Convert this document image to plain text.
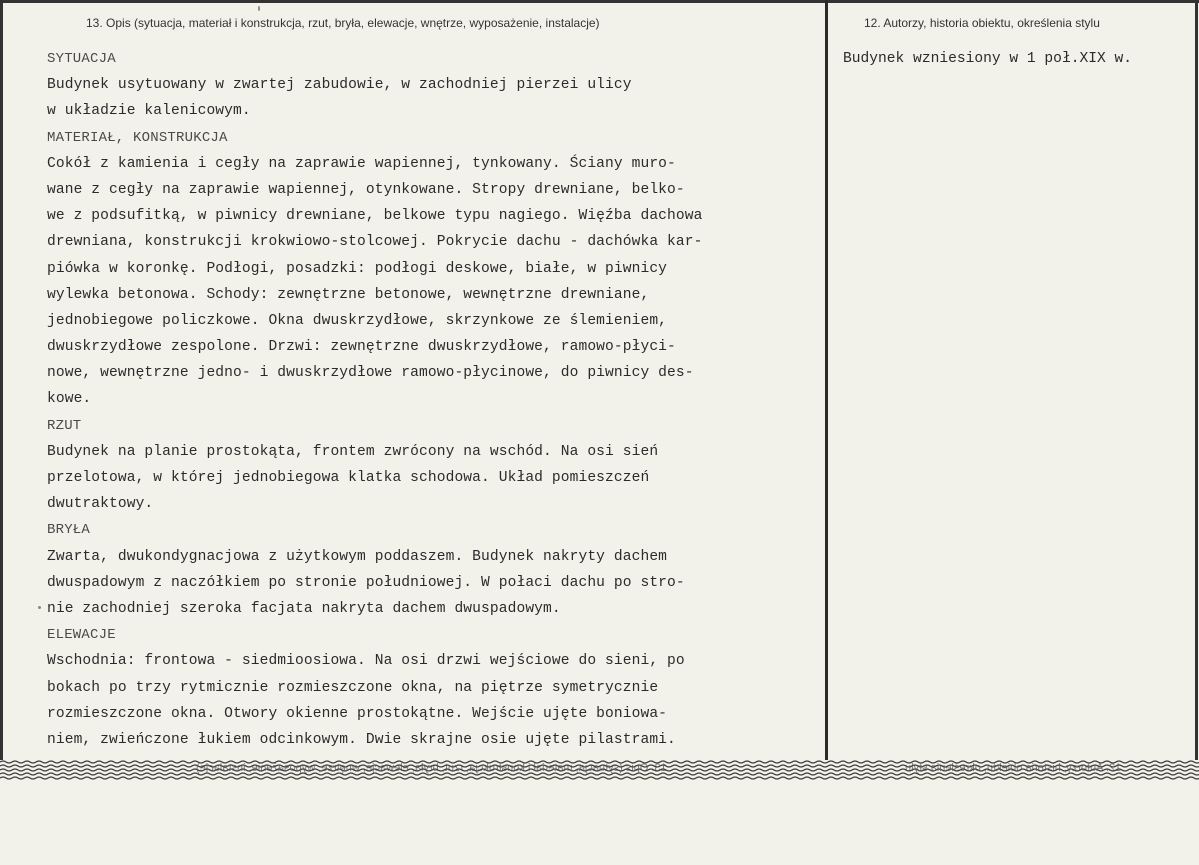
13. Opis (sytuacja, materiał i konstrukcja, rzut, bryła, elewacje, wnętrze, wyposażenie, instalacje)	12. Autorzy, historia obiektu, określenia stylu
SYTUACJA
Budynek usytuowany w zwartej zabudowie, w zachodniej pierzei ulicy
w układzie kalenicowym.
MATERIAŁ, KONSTRUKCJA
Cokół z kamienia i cegły na zaprawie wapiennej, tynkowany. Ściany muro-
wane z cegły na zaprawie wapiennej, otynkowane. Stropy drewniane, belko-
we z podsufitką, w piwnicy drewniane, belkowe typu nagiego. Więźba dachowa
drewniana, konstrukcji krokwiowo-stolcowej. Pokrycie dachu - dachówka kar-
piówka w koronkę. Podłogi, posadzki: podłogi deskowe, białe, w piwnicy
wylewka betonowa. Schody: zewnętrzne betonowe, wewnętrzne drewniane,
jednobiegowe policzkowe. Okna dwuskrzydłowe, skrzynkowe ze ślemieniem,
dwuskrzydłowe zespolone. Drzwi: zewnętrzne dwuskrzydłowe, ramowo-płyci-
nowe, wewnętrzne jedno- i dwuskrzydłowe ramowo-płycinowe, do piwnicy des-
kowe.
RZUT
Budynek na planie prostokąta, frontem zwrócony na wschód. Na osi sień
przelotowa, w której jednobiegowa klatka schodowa. Układ pomieszczeń
dwutraktowy.
BRYŁA
Zwarta, dwukondygnacjowa z użytkowym poddaszem. Budynek nakryty dachem
dwuspadowym z naczółkiem po stronie południowej. W połaci dachu po stro-
nie zachodniej szeroka facjata nakryta dachem dwuspadowym.
ELEWACJE
Wschodnia: frontowa - siedmioosiowa. Na osi drzwi wejściowe do sieni, po
bokach po trzy rytmicznie rozmieszczone okna, na piętrze symetrycznie
rozmieszczone okna. Otwory okienne prostokątne. Wejście ujęte boniowa-
niem, zwieńczone łukiem odcinkowym. Dwie skrajne osie ujęte pilastrami.
Budynek wzniesiony w 1 poł.XIX w.
13. Opis (sytuacja, materiał i konstrukcja, rzut, bryła, elewacje, wnętrze, wyposażenie, instalacje)	12. Autorzy, historia obiektu, określenia stylu
